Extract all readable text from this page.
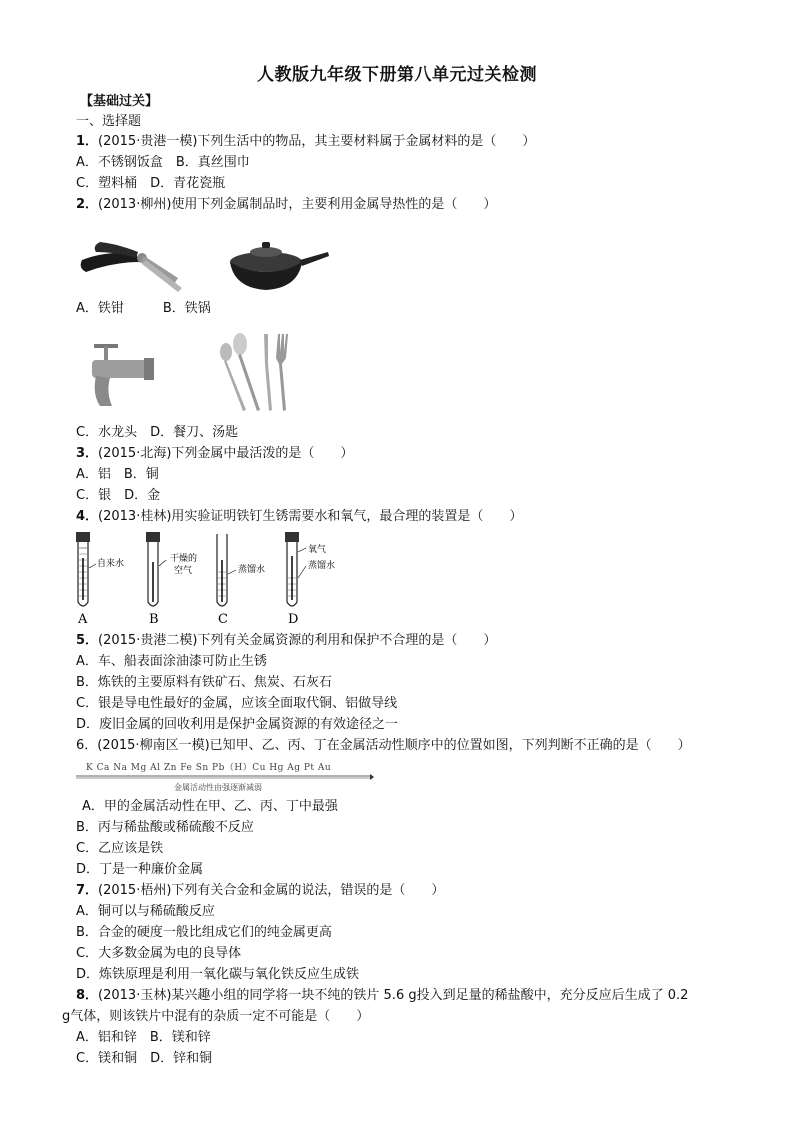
人教版九年级下册第八单元过关检测
【基础过关】
一、选择题
1．(2015·贵港一模)下列生活中的物品，其主要材料属于金属材料的是（　　）
A．不锈钢饭盒　B．真丝围巾
C．塑料桶　D．青花瓷瓶
2．(2013·柳州)使用下列金属制品时，主要利用金属导热性的是（　　）
A．铁钳　　　B．铁锅
C．水龙头　D．餐刀、汤匙
3．(2015·北海)下列金属中最活泼的是（　　）
A．铝　B．铜
C．银　D．金
4．(2013·桂林)用实验证明铁钉生锈需要水和氧气，最合理的装置是（　　）
自来水
A
干燥的
空气
B
蒸馏水
C
氧气
蒸馏水
D
5．(2015·贵港二模)下列有关金属资源的利用和保护不合理的是（　　）
A．车、船表面涂油漆可防止生锈
B．炼铁的主要原料有铁矿石、焦炭、石灰石
C．银是导电性最好的金属，应该全面取代铜、铝做导线
D．废旧金属的回收利用是保护金属资源的有效途径之一
6．(2015·柳南区一模)已知甲、乙、丙、丁在金属活动性顺序中的位置如图，下列判断不正确的是（　　）
K Ca Na Mg Al Zn Fe Sn Pb（H）Cu Hg Ag Pt Au
金属活动性由强逐渐减弱
A．甲的金属活动性在甲、乙、丙、丁中最强
B．丙与稀盐酸或稀硫酸不反应
C．乙应该是铁
D．丁是一种廉价金属
7．(2015·梧州)下列有关合金和金属的说法，错误的是（　　）
A．铜可以与稀硫酸反应
B．合金的硬度一般比组成它们的纯金属更高
C．大多数金属为电的良导体
D．炼铁原理是利用一氧化碳与氧化铁反应生成铁
8．(2013·玉林)某兴趣小组的同学将一块不纯的铁片 5.6 g投入到足量的稀盐酸中，充分反应后生成了 0.2
g气体，则该铁片中混有的杂质一定不可能是（　　）
A．铝和锌　B．镁和锌
C．镁和铜　D．锌和铜
